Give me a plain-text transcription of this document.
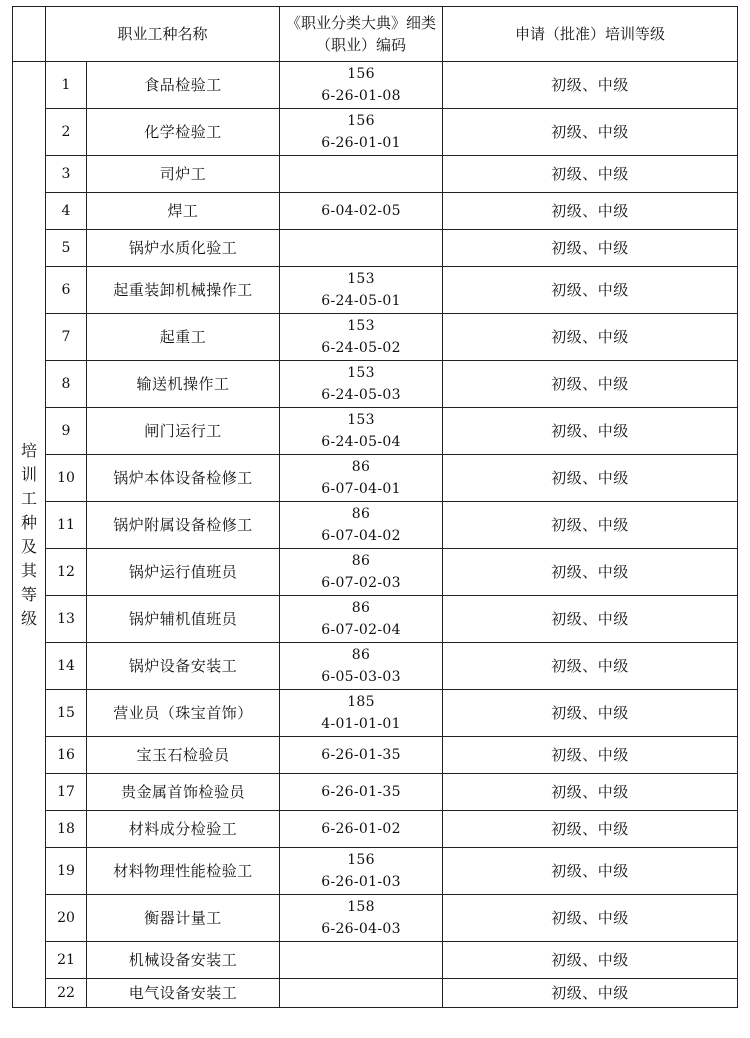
	职业工种名称		《职业分类大典》细类
（职业）编码	申请（批准）培训等级
培训工种及其等级	1	食品检验工	156
6-26-01-08	初级、中级
	2	化学检验工	156
6-26-01-01	初级、中级
	3	司炉工		初级、中级
	4	焊工	6-04-02-05	初级、中级
	5	锅炉水质化验工		初级、中级
	6	起重装卸机械操作工	153
6-24-05-01	初级、中级
	7	起重工	153
6-24-05-02	初级、中级
	8	输送机操作工	153
6-24-05-03	初级、中级
	9	闸门运行工	153
6-24-05-04	初级、中级
	10	锅炉本体设备检修工	86
6-07-04-01	初级、中级
	11	锅炉附属设备检修工	86
6-07-04-02	初级、中级
	12	锅炉运行值班员	86
6-07-02-03	初级、中级
	13	锅炉辅机值班员	86
6-07-02-04	初级、中级
	14	锅炉设备安装工	86
6-05-03-03	初级、中级
	15	营业员（珠宝首饰）	185
4-01-01-01	初级、中级
	16	宝玉石检验员	6-26-01-35	初级、中级
	17	贵金属首饰检验员	6-26-01-35	初级、中级
	18	材料成分检验工	6-26-01-02	初级、中级
	19	材料物理性能检验工	156
6-26-01-03	初级、中级
	20	衡器计量工	158
6-26-04-03	初级、中级
	21	机械设备安装工		初级、中级
	22	电气设备安装工		初级、中级
